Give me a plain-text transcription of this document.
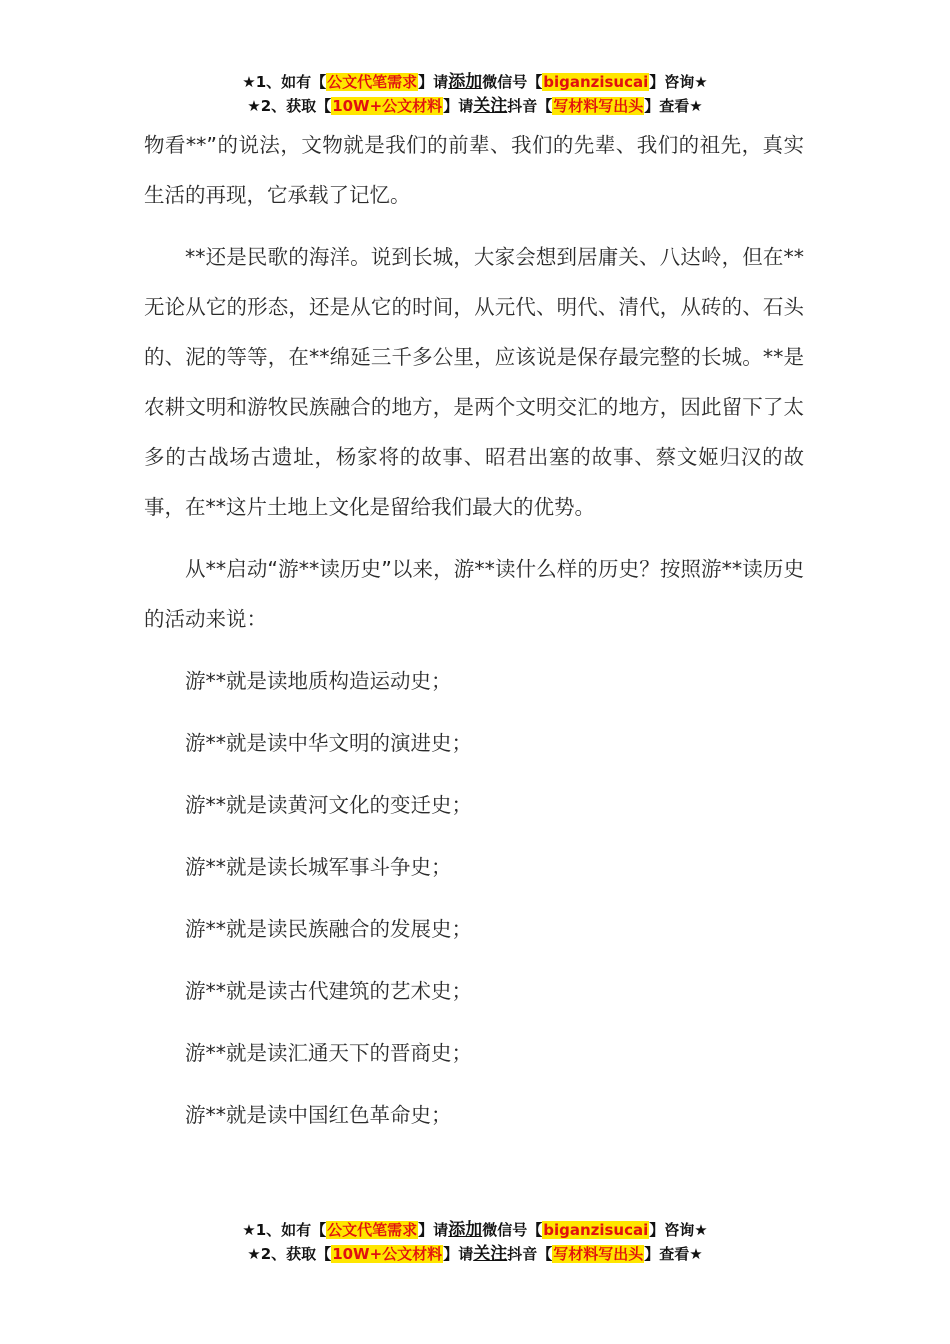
★1、如有【公文代笔需求】请添加微信号【biganzisucai】咨询★
★2、获取【10W+公文材料】请关注抖音【写材料写出头】查看★

物看**”的说法，文物就是我们的前辈、我们的先辈、我们的祖先，真实生活的再现，它承载了记忆。

**还是民歌的海洋。说到长城，大家会想到居庸关、八达岭，但在**无论从它的形态，还是从它的时间，从元代、明代、清代，从砖的、石头的、泥的等等，在**绵延三千多公里，应该说是保存最完整的长城。**是农耕文明和游牧民族融合的地方，是两个文明交汇的地方，因此留下了太多的古战场古遗址，杨家将的故事、昭君出塞的故事、蔡文姬归汉的故事，在**这片土地上文化是留给我们最大的优势。

从**启动“游**读历史”以来，游**读什么样的历史？按照游**读历史的活动来说：

游**就是读地质构造运动史；
游**就是读中华文明的演进史；
游**就是读黄河文化的变迁史；
游**就是读长城军事斗争史；
游**就是读民族融合的发展史；
游**就是读古代建筑的艺术史；
游**就是读汇通天下的晋商史；
游**就是读中国红色革命史；
★1、如有【公文代笔需求】请添加微信号【biganzisucai】咨询★
★2、获取【10W+公文材料】请关注抖音【写材料写出头】查看★
